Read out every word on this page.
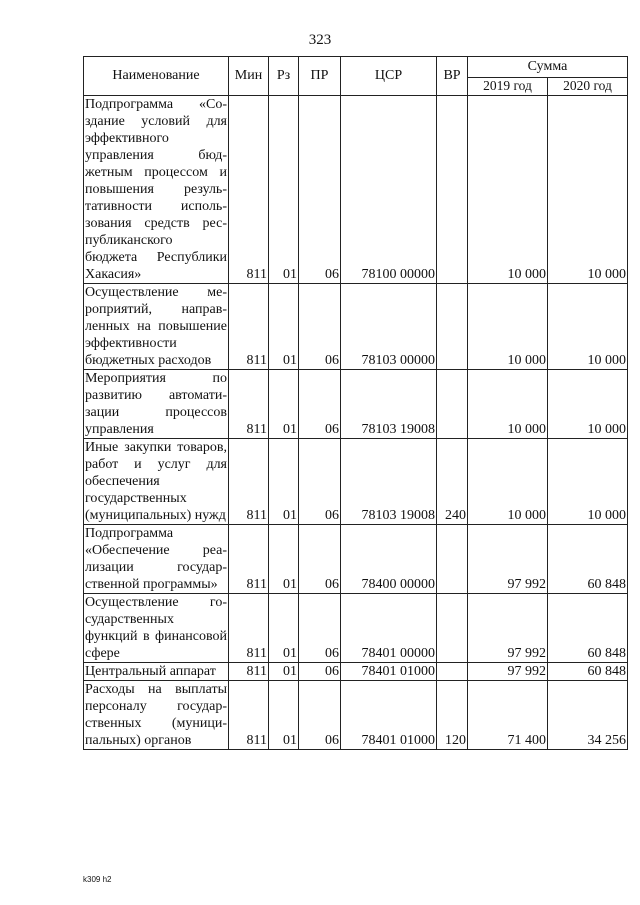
323
Наименование	Мин	Рз	ПР	ЦСР	ВР	Сумма	
						2019 год	2020 год
Подпрограмма «Создание условий для эффективного управления бюджетным процессом и повышения результативности использования средств республиканского бюджета Республики Хакасия»	811	01	06	78100 00000		10 000	10 000
Осуществление мероприятий, направленных на повышение эффективности бюджетных расходов	811	01	06	78103 00000		10 000	10 000
Мероприятия по развитию автоматизации процессов управления	811	01	06	78103 19008		10 000	10 000
Иные закупки товаров, работ и услуг для обеспечения государственных (муниципальных) нужд	811	01	06	78103 19008	240	10 000	10 000
Подпрограмма «Обеспечение реализации государственной программы»	811	01	06	78400 00000		97 992	60 848
Осуществление государственных функций в финансовой сфере	811	01	06	78401 00000		97 992	60 848
Центральный аппарат	811	01	06	78401 01000		97 992	60 848
Расходы на выплаты персоналу государственных (муниципальных) органов	811	01	06	78401 01000	120	71 400	34 256
k309 h2
